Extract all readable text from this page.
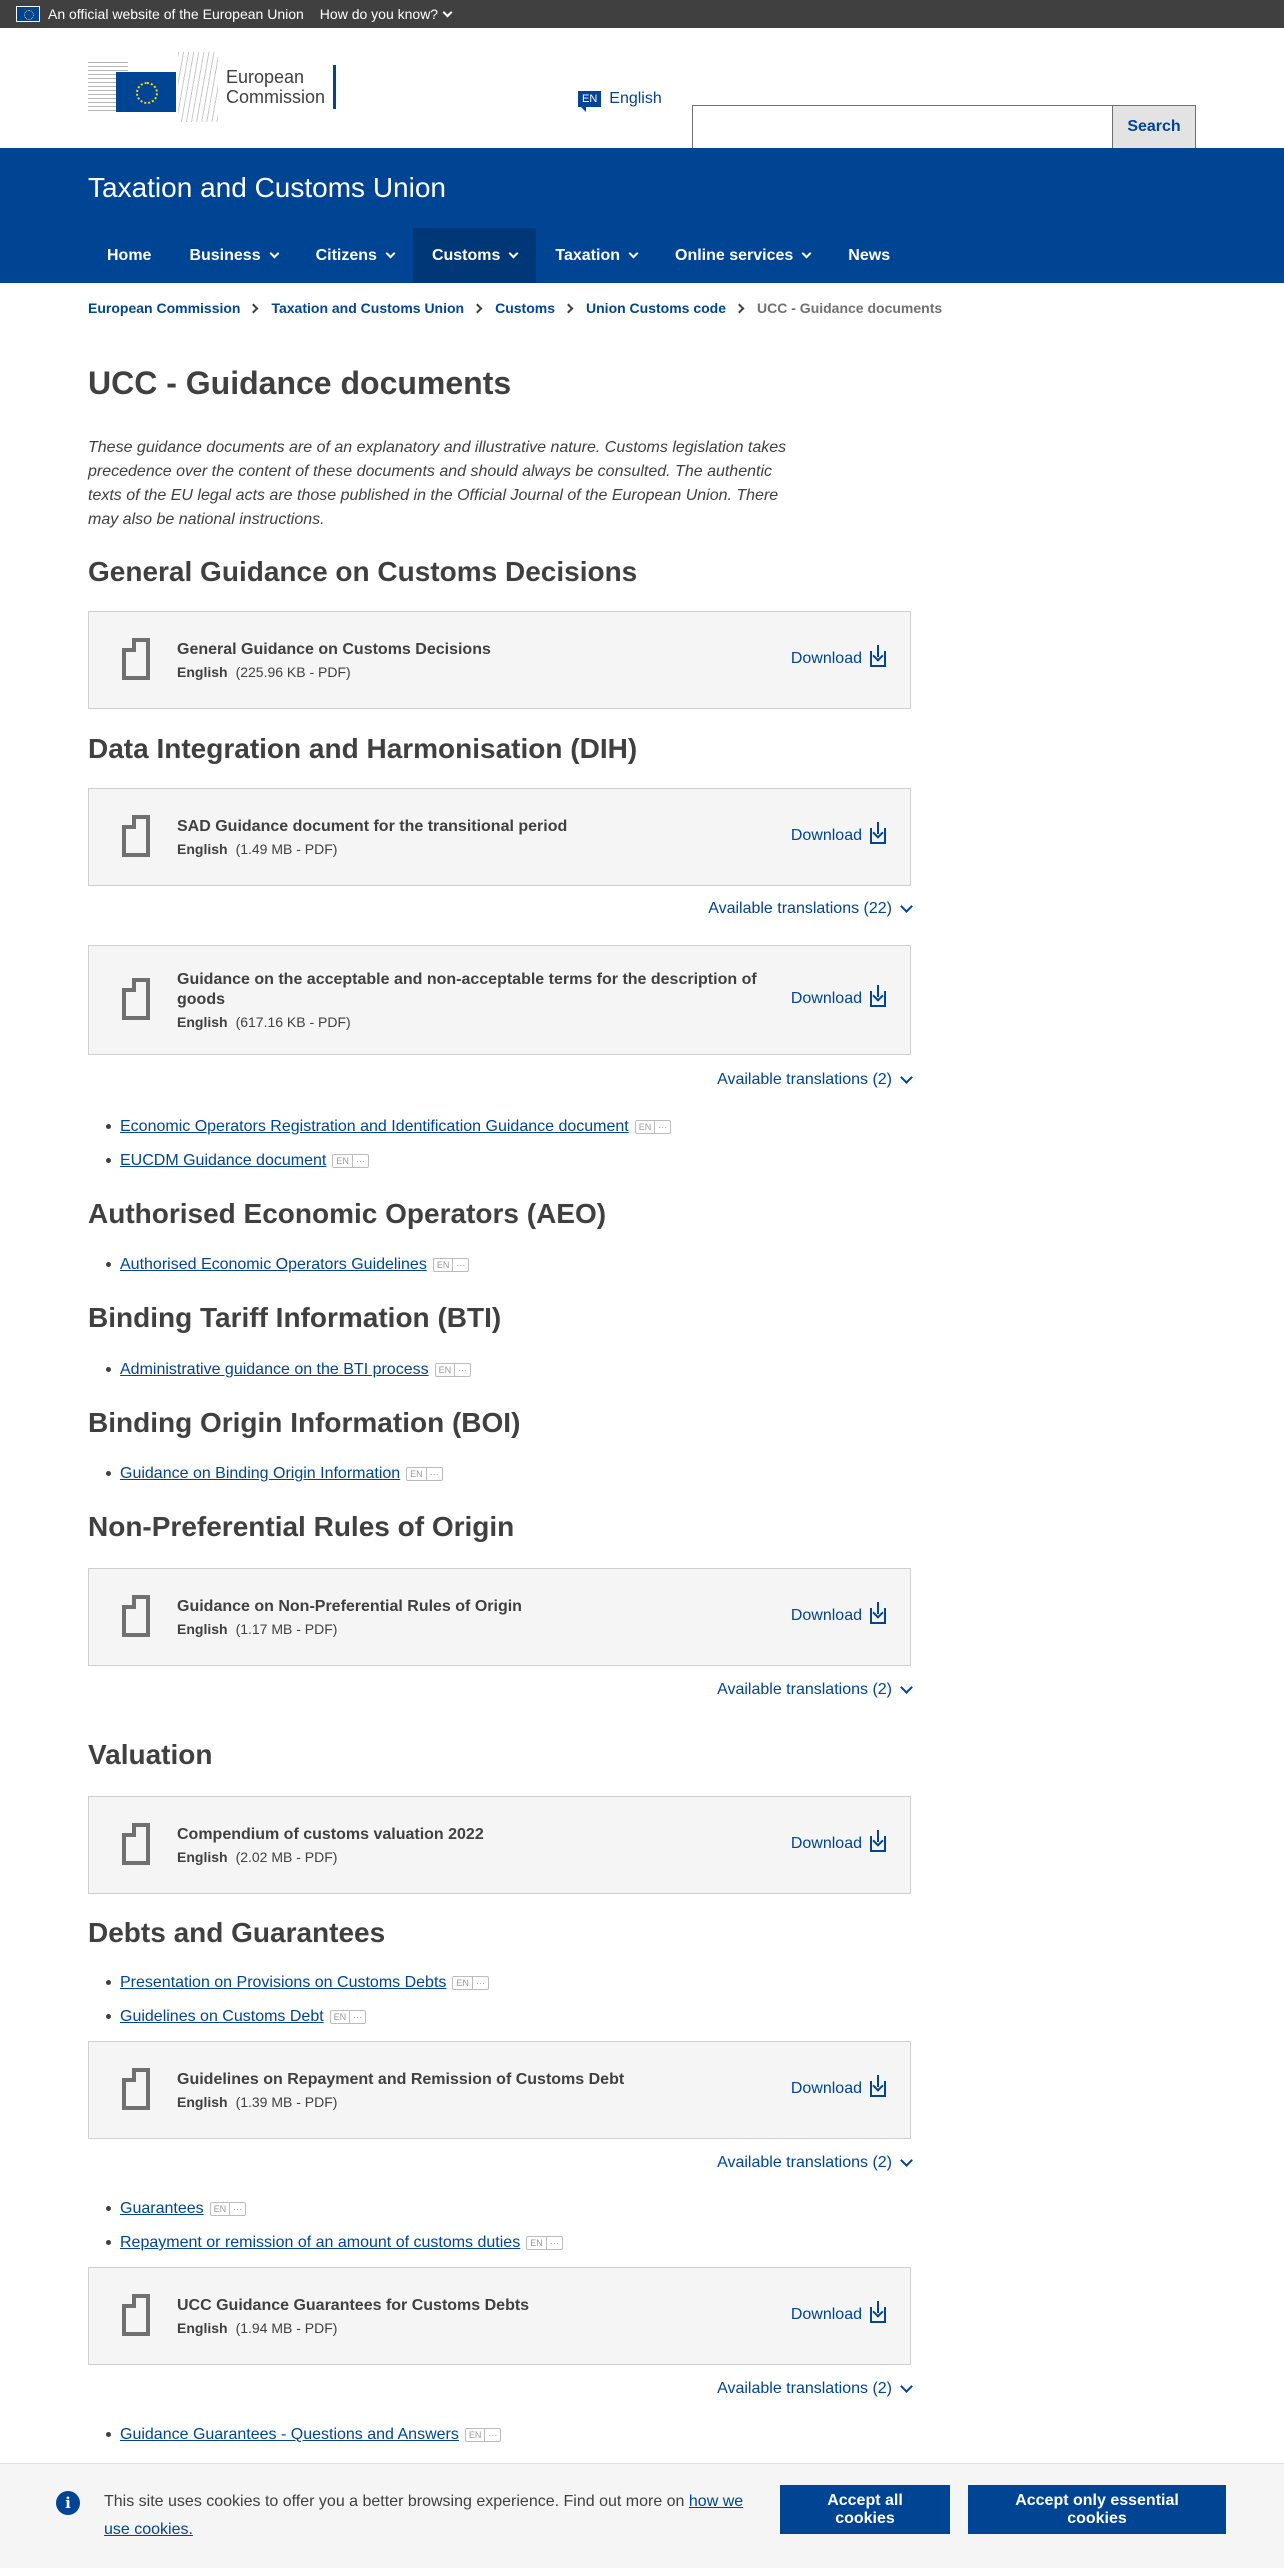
An official website of the European Union How do you know?
European
Commission	EN English
Search
Taxation and Customs Union
Home Business	Citizens	Customs	Taxation	Online services	News
European Commission Taxation and Customs Union Customs Union Customs code UCC - Guidance documents
UCC - Guidance documents

These guidance documents are of an explanatory and illustrative nature. Customs legislation takes precedence over the content of these documents and should always be consulted. The authentic texts of the EU legal acts are those published in the Official Journal of the European Union. There may also be national instructions.

General Guidance on Customs Decisions
General Guidance on Customs Decisions
English (225.96 KB - PDF)
Download
Data Integration and Harmonisation (DIH)
SAD Guidance document for the transitional period
English (1.49 MB - PDF)
Download
Available translations (22)
Guidance on the acceptable and non-acceptable terms for the description of goods
English (617.16 KB - PDF)
Download
Available translations (2)
Economic Operators Registration and Identification Guidance document EN ···
EUCDM Guidance document EN ···
Authorised Economic Operators (AEO)
Authorised Economic Operators Guidelines EN ···
Binding Tariff Information (BTI)
Administrative guidance on the BTI process EN ···
Binding Origin Information (BOI)
Guidance on Binding Origin Information EN ···
Non-Preferential Rules of Origin
Guidance on Non-Preferential Rules of Origin
English (1.17 MB - PDF)
Download
Available translations (2)
Valuation
Compendium of customs valuation 2022
English (2.02 MB - PDF)
Download
Debts and Guarantees
Presentation on Provisions on Customs Debts EN ···
Guidelines on Customs Debt EN ···
Guidelines on Repayment and Remission of Customs Debt
English (1.39 MB - PDF)
Download
Available translations (2)
Guarantees EN ···
Repayment or remission of an amount of customs duties EN ···
UCC Guidance Guarantees for Customs Debts
English (1.94 MB - PDF)
Download
Available translations (2)
Guidance Guarantees - Questions and Answers EN ···
i	This site uses cookies to offer you a better browsing experience. Find out more on how we use cookies.

Accept all cookies
Accept only essential cookies
